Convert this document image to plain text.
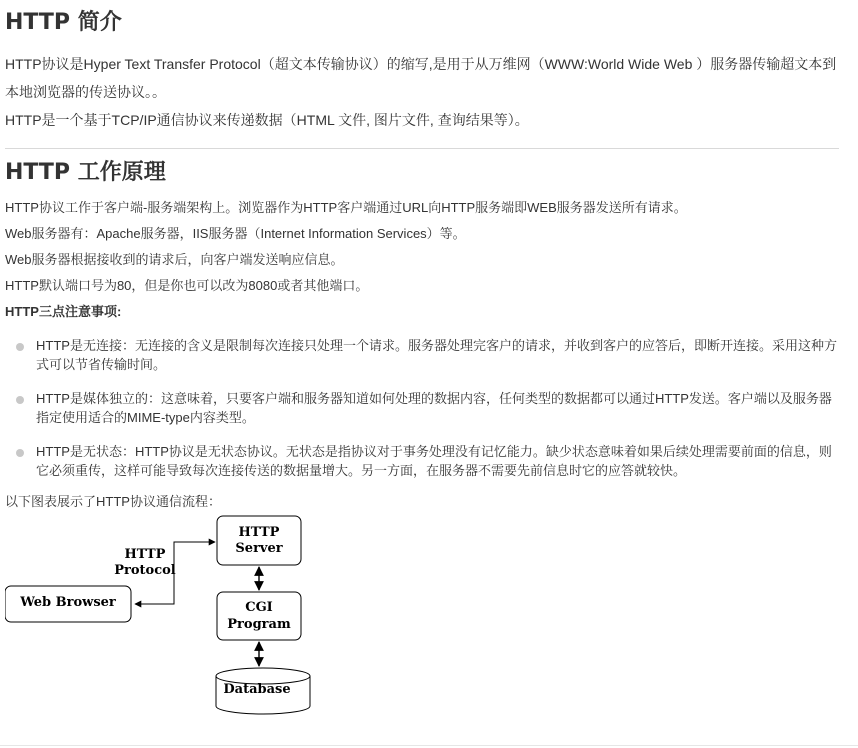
HTTP 简介

HTTP协议是Hyper Text Transfer Protocol（超文本传输协议）的缩写,是用于从万维网（WWW:World Wide Web ）服务器传输超文本到本地浏览器的传送协议。。

HTTP是一个基于TCP/IP通信协议来传递数据（HTML 文件, 图片文件, 查询结果等）。

HTTP 工作原理

HTTP协议工作于客户端-服务端架构上。浏览器作为HTTP客户端通过URL向HTTP服务端即WEB服务器发送所有请求。

Web服务器有：Apache服务器，IIS服务器（Internet Information Services）等。

Web服务器根据接收到的请求后，向客户端发送响应信息。

HTTP默认端口号为80，但是你也可以改为8080或者其他端口。

HTTP三点注意事项:

HTTP是无连接：无连接的含义是限制每次连接只处理一个请求。服务器处理完客户的请求，并收到客户的应答后，即断开连接。采用这种方式可以节省传输时间。
HTTP是媒体独立的：这意味着，只要客户端和服务器知道如何处理的数据内容，任何类型的数据都可以通过HTTP发送。客户端以及服务器指定使用适合的MIME-type内容类型。
HTTP是无状态：HTTP协议是无状态协议。无状态是指协议对于事务处理没有记忆能力。缺少状态意味着如果后续处理需要前面的信息，则它必须重传，这样可能导致每次连接传送的数据量增大。另一方面，在服务器不需要先前信息时它的应答就较快。

以下图表展示了HTTP协议通信流程：

HTTP
Server
CGI
Program
Database
Web Browser
HTTP
Protocol
